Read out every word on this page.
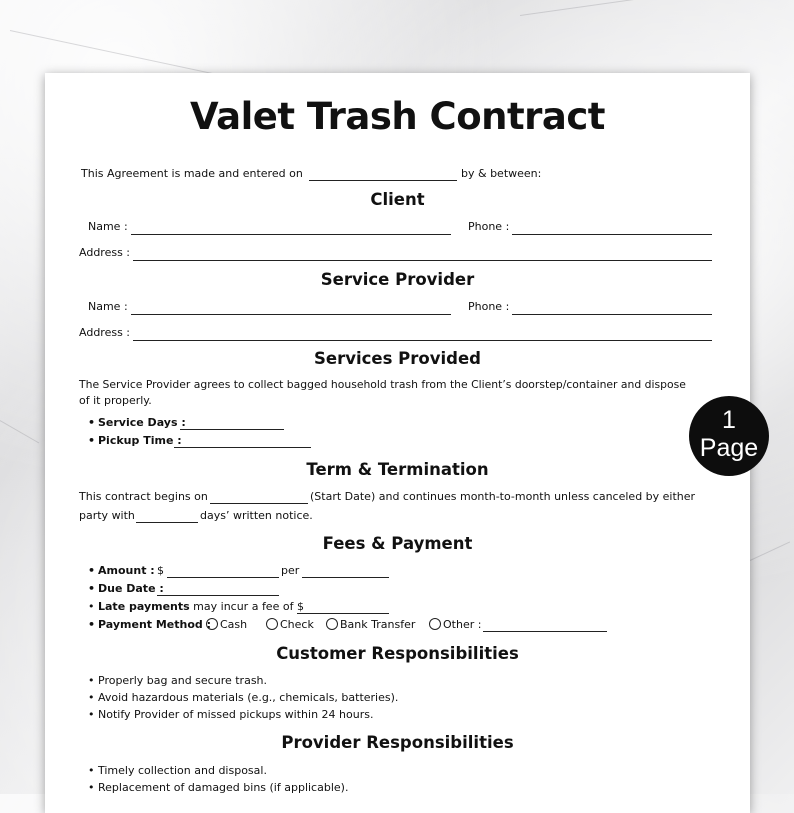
Valet Trash Contract
This Agreement is made and entered on	by & between:
Client
Name :	Phone :
Address :
Service Provider
Name :	Phone :
Address :
Services Provided
The Service Provider agrees to collect bagged household trash from the Client’s doorstep/container and dispose
of it properly.
• Service Days :
• Pickup Time :
Term & Termination
This contract begins on	(Start Date) and continues month-to-month unless canceled by either
party with	days’ written notice.
Fees & Payment
• Amount : $	per
• Due Date :
• Late payments may incur a fee of $
• Payment Method : Cash	Check	Bank Transfer	Other :
Customer Responsibilities
• Properly bag and secure trash.
• Avoid hazardous materials (e.g., chemicals, batteries).
• Notify Provider of missed pickups within 24 hours.
Provider Responsibilities
• Timely collection and disposal.
• Replacement of damaged bins (if applicable).
1
Page
